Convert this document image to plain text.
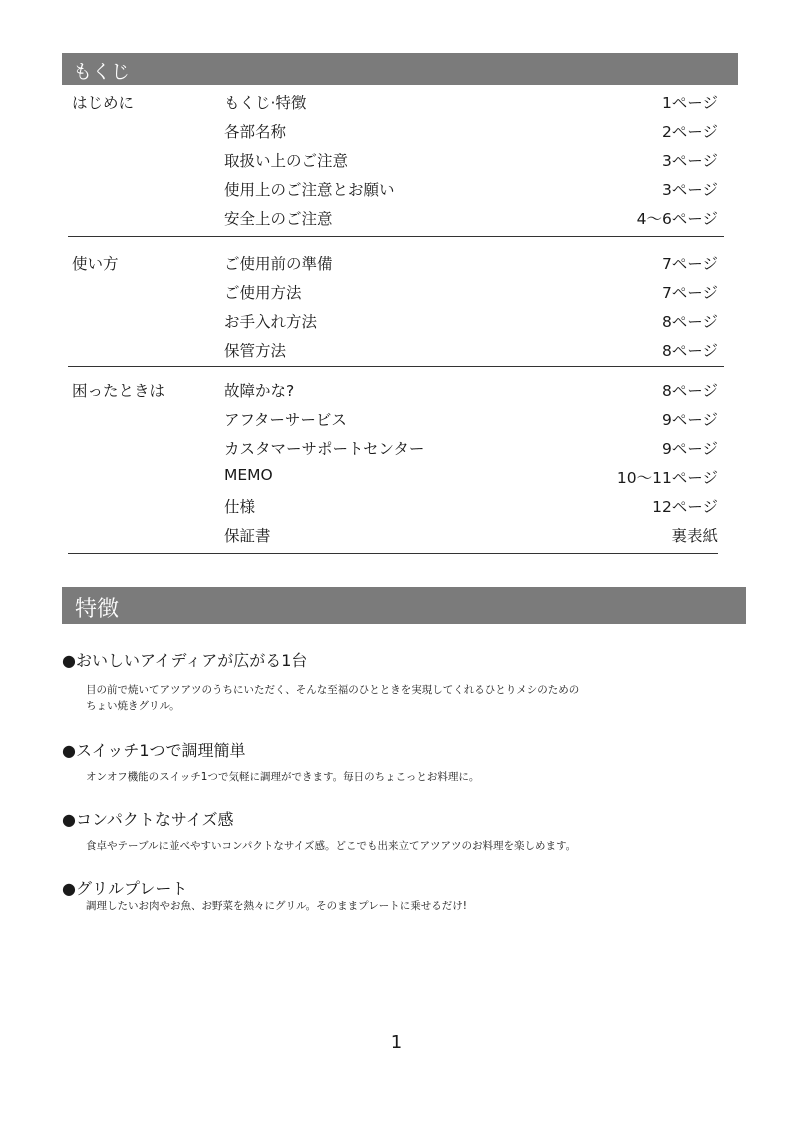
もくじ
はじめに	もくじ·特徴	1ページ
各部名称	2ページ
取扱い上のご注意	3ページ
使用上のご注意とお願い	3ページ
安全上のご注意	4〜6ページ
使い方	ご使用前の準備	7ページ
ご使用方法	7ページ
お手入れ方法	8ページ
保管方法	8ページ
困ったときは	故障かな?	8ページ
アフターサービス	9ページ
カスタマーサポートセンター	9ページ
MEMO	10〜11ページ
仕様	12ページ
保証書	裏表紙
特徴
●おいしいアイディアが広がる1台
目の前で焼いてアツアツのうちにいただく、そんな至福のひとときを実現してくれるひとりメシのための
ちょい焼きグリル。
●スイッチ1つで調理簡単
オンオフ機能のスイッチ1つで気軽に調理ができます。毎日のちょこっとお料理に。
●コンパクトなサイズ感
食卓やテーブルに並べやすいコンパクトなサイズ感。どこでも出来立てアツアツのお料理を楽しめます。
●グリルプレート
調理したいお肉やお魚、お野菜を熱々にグリル。そのままプレートに乗せるだけ!
1
